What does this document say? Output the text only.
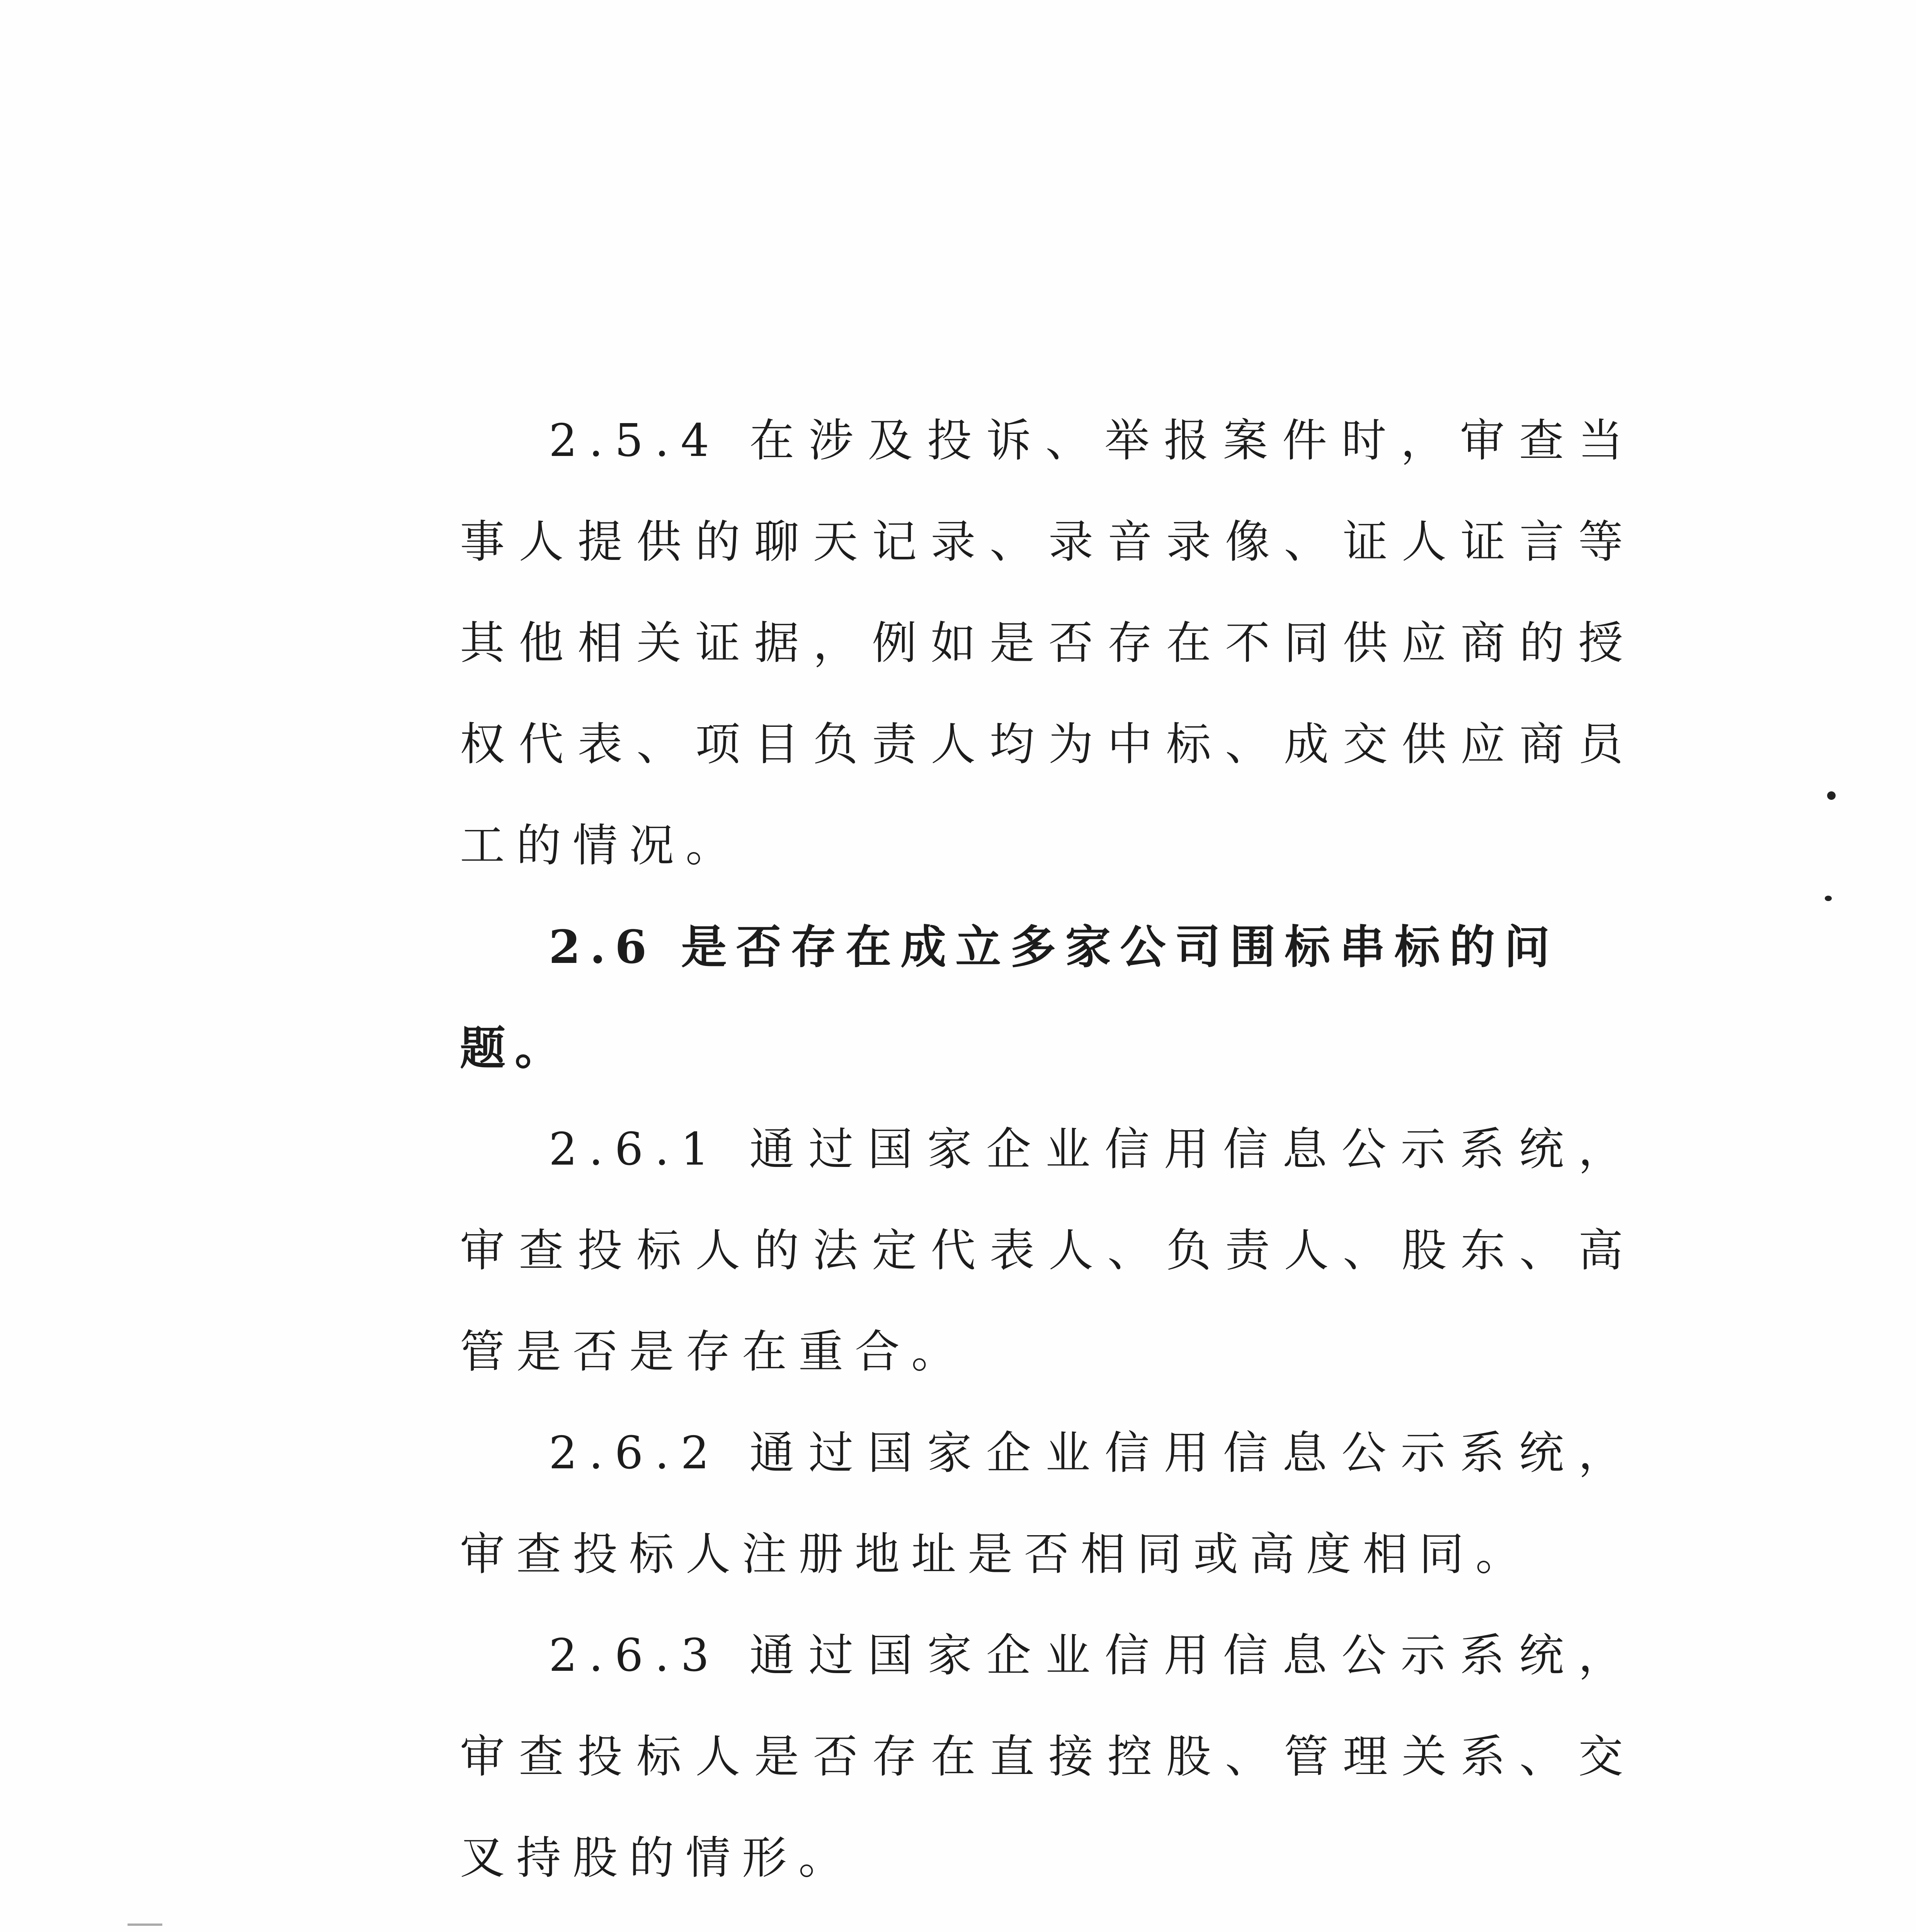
2.5.4 在涉及投诉、举报案件时，审查当事人提供的聊天记录、录音录像、证人证言等其他相关证据，例如是否存在不同供应商的授权代表、项目负责人均为中标、成交供应商员工的情况。

2.6 是否存在成立多家公司围标串标的问题。

2.6.1 通过国家企业信用信息公示系统，审查投标人的法定代表人、负责人、股东、高管是否是存在重合。

2.6.2 通过国家企业信用信息公示系统，审查投标人注册地址是否相同或高度相同。

2.6.3 通过国家企业信用信息公示系统，审查投标人是否存在直接控股、管理关系、交叉持股的情形。
